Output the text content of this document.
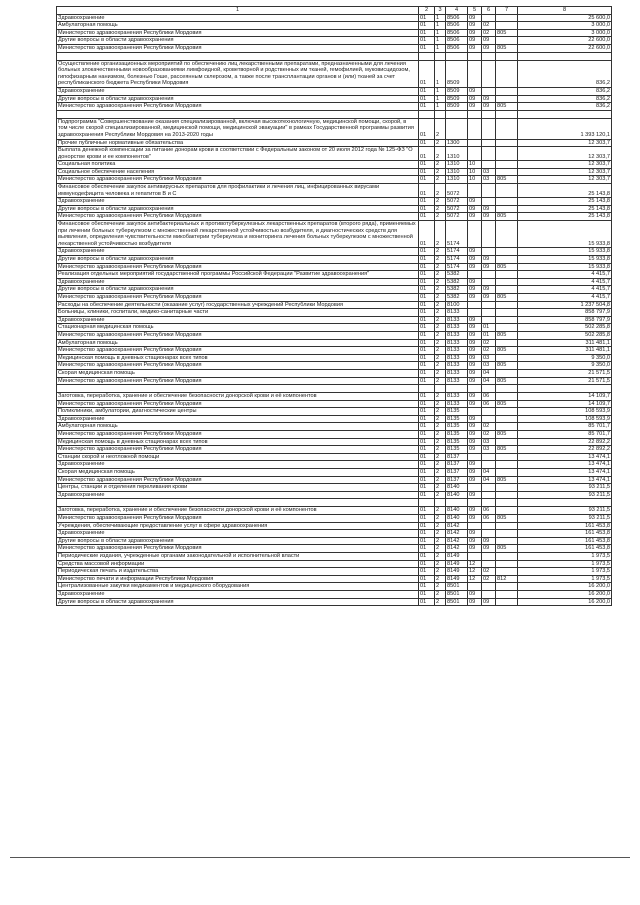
1	2	3	4	5	6	7	8
Здравоохранение	01	1	8506	09			25 600,0
Амбулаторная помощь	01	1	8506	09	02		3 000,0
Министерство здравоохранения Республики Мордовия	01	1	8506	09	02	805	3 000,0
Другие вопросы в области здравоохранения	01	1	8506	09	09		22 600,0
Министерство здравоохранения Республики Мордовия	01	1	8506	09	09	805	22 600,0

Осуществление организационных мероприятий по обеспечению лиц лекарственными препаратами, предназначенными для лечения больных злокачественными новообразованиями лимфоидной, кроветворной и родственных им тканей, гемофилией, муковисцидозом, гипофизарным нанизмом, болезнью Гоше, рассеянным склерозом, а также после трансплантации органов и (или) тканей за счет республиканского бюджета Республики Мордовия	01	1	8509				836,2
Здравоохранение	01	1	8509	09			836,2
Другие вопросы в области здравоохранения	01	1	8509	09	09		836,2
Министерство здравоохранения Республики Мордовия	01	1	8509	09	09	805	836,2

Подпрограмма "Совершенствование оказания специализированной, включая высокотехнологичную, медицинской помощи, скорой, в том числе скорой специализированной, медицинской помощи, медицинской эвакуации" в рамках Государственной программы развития здравоохранения Республики Мордовия на 2013-2020 годы	01	2					1 393 120,1
Прочие публичные нормативные обязательства	01	2	1300				12 303,7
Выплата денежной компенсации за питание донорам крови в соответствии с Федеральным законом от 20 июля 2012 года № 125-ФЗ "О донорстве крови и ее компонентов"	01	2	1310				12 303,7
Социальная политика	01	2	1310	10			12 303,7
Социальное обеспечение населения	01	2	1310	10	03		12 303,7
Министерство здравоохранения Республики Мордовия	01	2	1310	10	03	805	12 303,7
Финансовое обеспечение закупок антивирусных препаратов для профилактики и лечения лиц, инфицированных вирусами иммунодефицита человека и гепатитов В и С	01	2	5072				25 143,8
Здравоохранение	01	2	5072	09			25 143,8
Другие вопросы в области здравоохранения	01	2	5072	09	09		25 143,8
Министерство здравоохранения Республики Мордовия	01	2	5072	09	09	805	25 143,8
Финансовое обеспечение закупок антибактериальных и противотуберкулезных лекарственных препаратов (второго ряда), применяемых при лечении больных туберкулезом с множественной лекарственной устойчивостью возбудителя, и диагностических средств для выявления, определения чувствительности микобактерии туберкулеза и мониторинга лечения больных туберкулезом с множественной лекарственной устойчивостью возбудителя	01	2	5174				15 933,8
Здравоохранение	01	2	5174	09			15 933,8
Другие вопросы в области здравоохранения	01	2	5174	09	09		15 933,8
Министерство здравоохранения Республики Мордовия	01	2	5174	09	09	805	15 933,8
Реализация отдельных мероприятий государственной программы Российской Федерации "Развитие здравоохранения"	01	2	5382				4 415,7
Здравоохранение	01	2	5382	09			4 415,7
Другие вопросы в области здравоохранения	01	2	5382	09	09		4 415,7
Министерство здравоохранения Республики Мордовия	01	2	5382	09	09	805	4 415,7
Расходы на обеспечение деятельности (оказание услуг) государственных учреждений Республики Мордовия	01	2	8100				1 237 504,8
Больницы, клиники, госпитали, медико-санитарные части	01	2	8133				858 797,9
Здравоохранение	01	2	8133	09			858 797,9
Стационарная медицинская помощь	01	2	8133	09	01		502 285,8
Министерство здравоохранения Республики Мордовия	01	2	8133	09	01	805	502 285,8
Амбулаторная помощь	01	2	8133	09	02		311 481,1
Министерство здравоохранения Республики Мордовия	01	2	8133	09	02	805	311 481,1
Медицинская помощь в дневных стационарах всех типов	01	2	8133	09	03		9 350,0
Министерство здравоохранения Республики Мордовия	01	2	8133	09	03	805	9 350,0
Скорая медицинская помощь	01	2	8133	09	04		21 571,5
Министерство здравоохранения Республики Мордовия	01	2	8133	09	04	805	21 571,5

Заготовка, переработка, хранение и обеспечение безопасности донорской крови и её компонентов	01	2	8133	09	06		14 109,7
Министерство здравоохранения Республики Мордовия	01	2	8133	09	06	805	14 109,7
Поликлиники, амбулатории, диагностические центры	01	2	8135				108 593,9
Здравоохранение	01	2	8135	09			108 593,9
Амбулаторная помощь	01	2	8135	09	02		85 701,7
Министерство здравоохранения Республики Мордовия	01	2	8135	09	02	805	85 701,7
Медицинская помощь в дневных стационарах всех типов	01	2	8135	09	03		22 892,2
Министерство здравоохранения Республики Мордовия	01	2	8135	09	03	805	22 892,2
Станции скорой и неотложной помощи	01	2	8137				13 474,1
Здравоохранение	01	2	8137	09			13 474,1
Скорая медицинская помощь	01	2	8137	09	04		13 474,1
Министерство здравоохранения Республики Мордовия	01	2	8137	09	04	805	13 474,1
Центры, станции и отделения переливания крови	01	2	8140				93 211,5
Здравоохранение	01	2	8140	09			93 211,5

Заготовка, переработка, хранение и обеспечение безопасности донорской крови и её компонентов	01	2	8140	09	06		93 211,5
Министерство здравоохранения Республики Мордовия	01	2	8140	09	06	805	93 211,5
Учреждения, обеспечивающие предоставление услуг в сфере здравоохранения	01	2	8142				161 453,8
Здравоохранение	01	2	8142	09			161 453,8
Другие вопросы в области здравоохранения	01	2	8142	09	09		161 453,8
Министерство здравоохранения Республики Мордовия	01	2	8142	09	09	805	161 453,8
Периодические издания, учрежденные органами законодательной и исполнительной власти	01	2	8149				1 973,5
Средства массовой информации	01	2	8149	12			1 973,5
Периодическая печать и издательства	01	2	8149	12	02		1 973,5
Министерство печати и информации Республики Мордовия	01	2	8149	12	02	812	1 973,5
Централизованные закупки медикаментов и медицинского оборудования	01	2	8501				16 200,0
Здравоохранение	01	2	8501	09			16 200,0
Другие вопросы в области здравоохранения	01	2	8501	09	09		16 200,0
